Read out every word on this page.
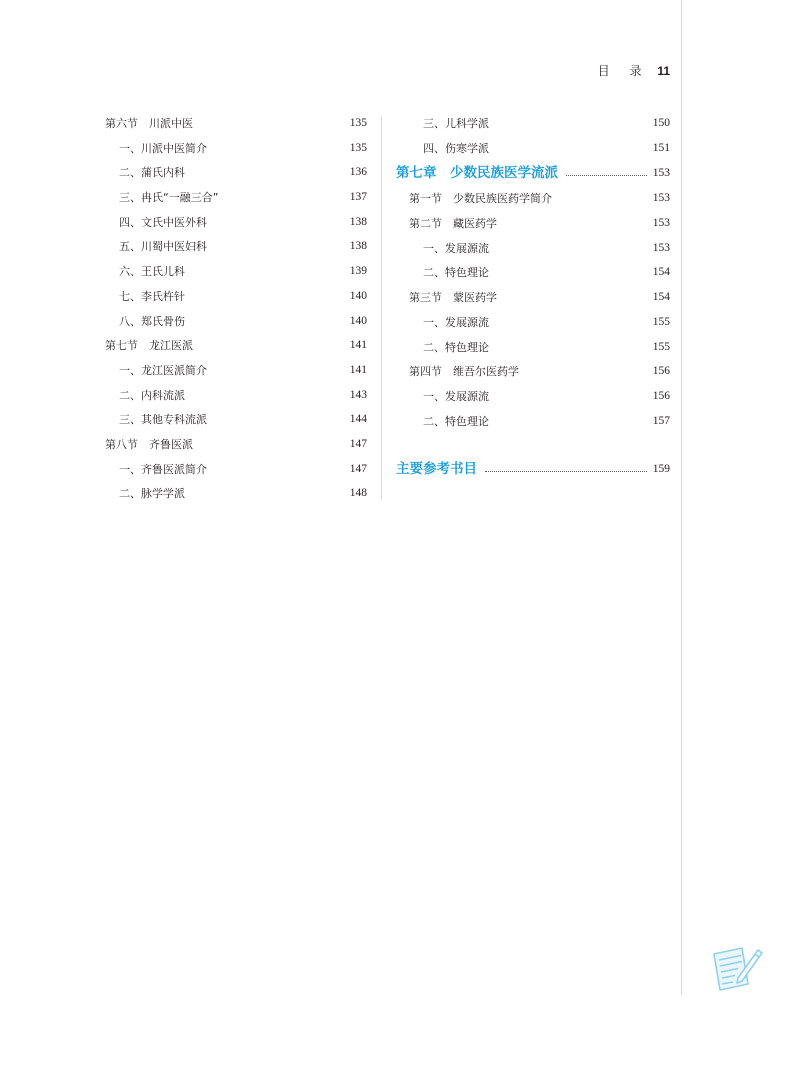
目 录 11
第六节　川派中医	135
一、川派中医简介	135
二、蒲氏内科	136
三、冉氏“一融三合”	137
四、文氏中医外科	138
五、川蜀中医妇科	138
六、王氏儿科	139
七、李氏杵针	140
八、郑氏骨伤	140
第七节　龙江医派	141
一、龙江医派简介	141
二、内科流派	143
三、其他专科流派	144
第八节　齐鲁医派	147
一、齐鲁医派简介	147
二、脉学学派	148
三、儿科学派	150
四、伤寒学派	151
第七章　少数民族医学流派	153
第一节　少数民族医药学简介	153
第二节　藏医药学	153
一、发展源流	153
二、特色理论	154
第三节　蒙医药学	154
一、发展源流	155
二、特色理论	155
第四节　维吾尔医药学	156
一、发展源流	156
二、特色理论	157
主要参考书目	159
